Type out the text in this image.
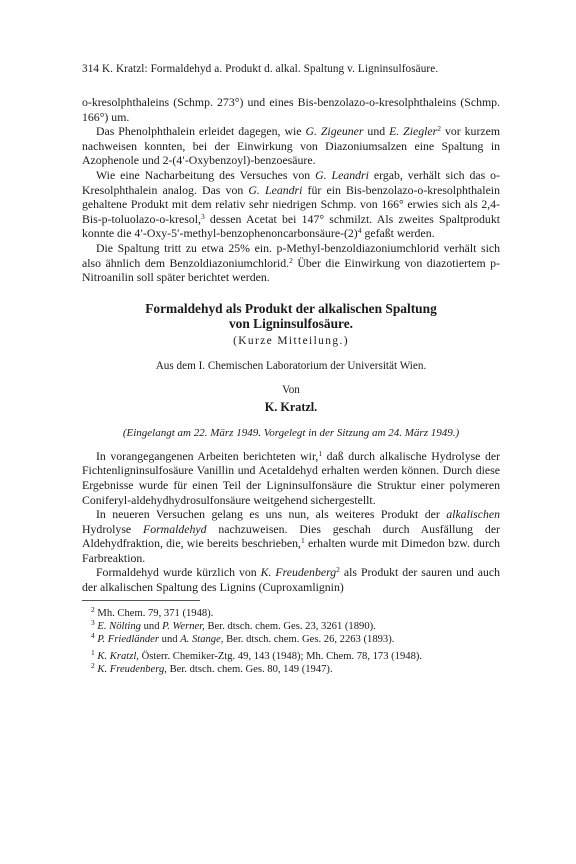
314 K. Kratzl: Formaldehyd a. Produkt d. alkal. Spaltung v. Ligninsulfosäure.

o-kresolphthaleins (Schmp. 273°) und eines Bis-benzolazo-o-kresolphthaleins (Schmp. 166°) um.

Das Phenolphthalein erleidet dagegen, wie G. Zigeuner und E. Ziegler$^2$ vor kurzem nachweisen konnten, bei der Einwirkung von Diazoniumsalzen eine Spaltung in Azophenole und 2-(4′-Oxybenzoyl)-benzoesäure.

Wie eine Nacharbeitung des Versuches von G. Leandri ergab, verhält sich das o-Kresolphthalein analog. Das von G. Leandri für ein Bis-benzolazo-o-kresolphthalein gehaltene Produkt mit dem relativ sehr niedrigen Schmp. von 166° erwies sich als 2,4-Bis-p-toluolazo-o-kresol,$^3$ dessen Acetat bei 147° schmilzt. Als zweites Spaltprodukt konnte die $4'-Oxy-5'-methyl-benzophenoncarbonsäure-(2)^4$ gefaßt werden.

Die Spaltung tritt zu etwa 25% ein. p-Methyl-benzoldiazoniumchlorid verhält sich also ähnlich dem Benzoldiazoniumchlorid.$^2$ Über die Einwirkung von diazotiertem p-Nitroanilin soll später berichtet werden.

Formaldehyd als Produkt der alkalischen Spaltung
von Ligninsulfosäure.
(Kurze Mitteilung.)
Aus dem I. Chemischen Laboratorium der Universität Wien.
Von
K. Kratzl.
(Eingelangt am 22. März 1949. Vorgelegt in der Sitzung am 24. März 1949.)

In vorangegangenen Arbeiten berichteten wir,$^1$ daß durch alkalische Hydrolyse der Fichtenligninsulfosäure Vanillin und Acetaldehyd erhalten werden können. Durch diese Ergebnisse wurde für einen Teil der Ligninsulfonsäure die Struktur einer polymeren Coniferyl-aldehydhydrosulfonsäure weitgehend sichergestellt.

In neueren Versuchen gelang es uns nun, als weiteres Produkt der alkalischen Hydrolyse Formaldehyd nachzuweisen. Dies geschah durch Ausfällung der Aldehydfraktion, die, wie bereits beschrieben,$^1$ erhalten wurde mit Dimedon bzw. durch Farbreaktion.

Formaldehyd wurde kürzlich von K. Freudenberg$^2$ als Produkt der sauren und auch der alkalischen Spaltung des Lignins (Cuproxamlignin)

$^2$ Mh. Chem. 79, 371 (1948).
$^3$ E. Nölting und P. Werner, Ber. dtsch. chem. Ges. 23, 3261 (1890).
$^4$ P. Friedländer und A. Stange, Ber. dtsch. chem. Ges. 26, 2263 (1893).
$^1$ K. Kratzl, Österr. Chemiker-Ztg. 49, 143 (1948); Mh. Chem. 78, 173 (1948).
$^2$ K. Freudenberg, Ber. dtsch. chem. Ges. 80, 149 (1947).
